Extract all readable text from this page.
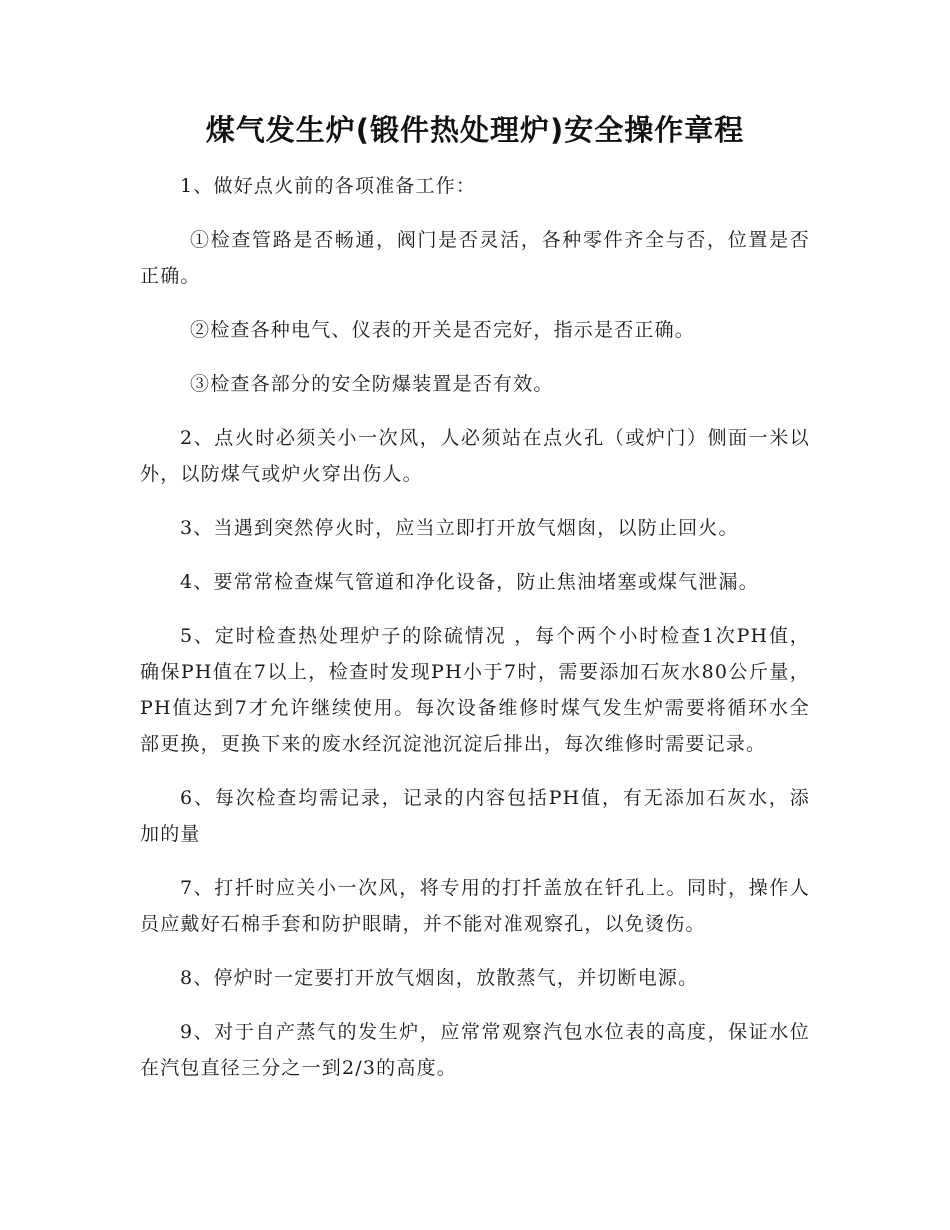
煤气发生炉(锻件热处理炉)安全操作章程

1、做好点火前的各项准备工作：

①检查管路是否畅通，阀门是否灵活，各种零件齐全与否，位置是否正确。

②检查各种电气、仪表的开关是否完好，指示是否正确。

③检查各部分的安全防爆装置是否有效。

2、点火时必须关小一次风，人必须站在点火孔（或炉门）侧面一米以外，以防煤气或炉火穿出伤人。

3、当遇到突然停火时，应当立即打开放气烟囱，以防止回火。

4、要常常检查煤气管道和净化设备，防止焦油堵塞或煤气泄漏。

5、定时检查热处理炉子的除硫情况 ，每个两个小时检查1次PH值，确保PH值在7以上，检查时发现PH小于7时，需要添加石灰水80公斤量，PH值达到7才允许继续使用。每次设备维修时煤气发生炉需要将循环水全部更换，更换下来的废水经沉淀池沉淀后排出，每次维修时需要记录。

6、每次检查均需记录，记录的内容包括PH值，有无添加石灰水，添加的量

7、打扦时应关小一次风，将专用的打扦盖放在钎孔上。同时，操作人员应戴好石棉手套和防护眼睛，并不能对准观察孔，以免烫伤。

8、停炉时一定要打开放气烟囱，放散蒸气，并切断电源。

9、对于自产蒸气的发生炉，应常常观察汽包水位表的高度，保证水位在汽包直径三分之一到2/3的高度。
